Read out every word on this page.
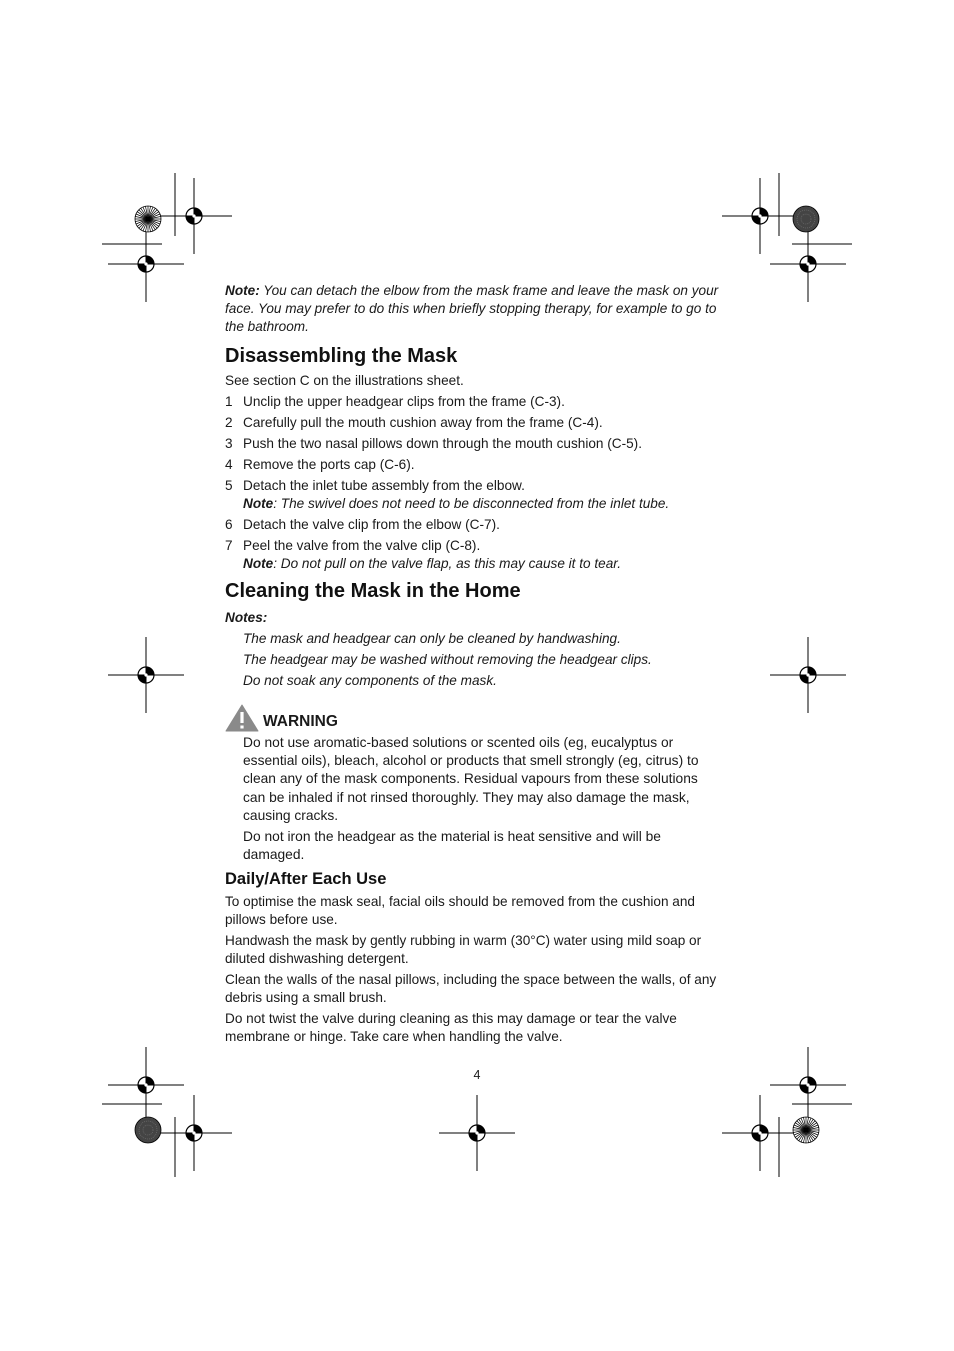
Note: You can detach the elbow from the mask frame and leave the mask on your face. You may prefer to do this when briefly stopping therapy, for example to go to the bathroom.

Disassembling the Mask

See section C on the illustrations sheet.

1 Unclip the upper headgear clips from the frame (C-3).
2 Carefully pull the mouth cushion away from the frame (C-4).
3 Push the two nasal pillows down through the mouth cushion (C-5).
4 Remove the ports cap (C-6).
5 Detach the inlet tube assembly from the elbow.
Note: The swivel does not need to be disconnected from the inlet tube.
6 Detach the valve clip from the elbow (C-7).
7 Peel the valve from the valve clip (C-8).
Note: Do not pull on the valve flap, as this may cause it to tear.
Cleaning the Mask in the Home

Notes:

The mask and headgear can only be cleaned by handwashing.

The headgear may be washed without removing the headgear clips.

Do not soak any components of the mask.

WARNING

Do not use aromatic-based solutions or scented oils (eg, eucalyptus or essential oils), bleach, alcohol or products that smell strongly (eg, citrus) to clean any of the mask components. Residual vapours from these solutions can be inhaled if not rinsed thoroughly. They may also damage the mask, causing cracks.

Do not iron the headgear as the material is heat sensitive and will be damaged.

Daily/After Each Use

To optimise the mask seal, facial oils should be removed from the cushion and pillows before use.

Handwash the mask by gently rubbing in warm (30°C) water using mild soap or diluted dishwashing detergent.

Clean the walls of the nasal pillows, including the space between the walls, of any debris using a small brush.

Do not twist the valve during cleaning as this may damage or tear the valve membrane or hinge. Take care when handling the valve.

4
